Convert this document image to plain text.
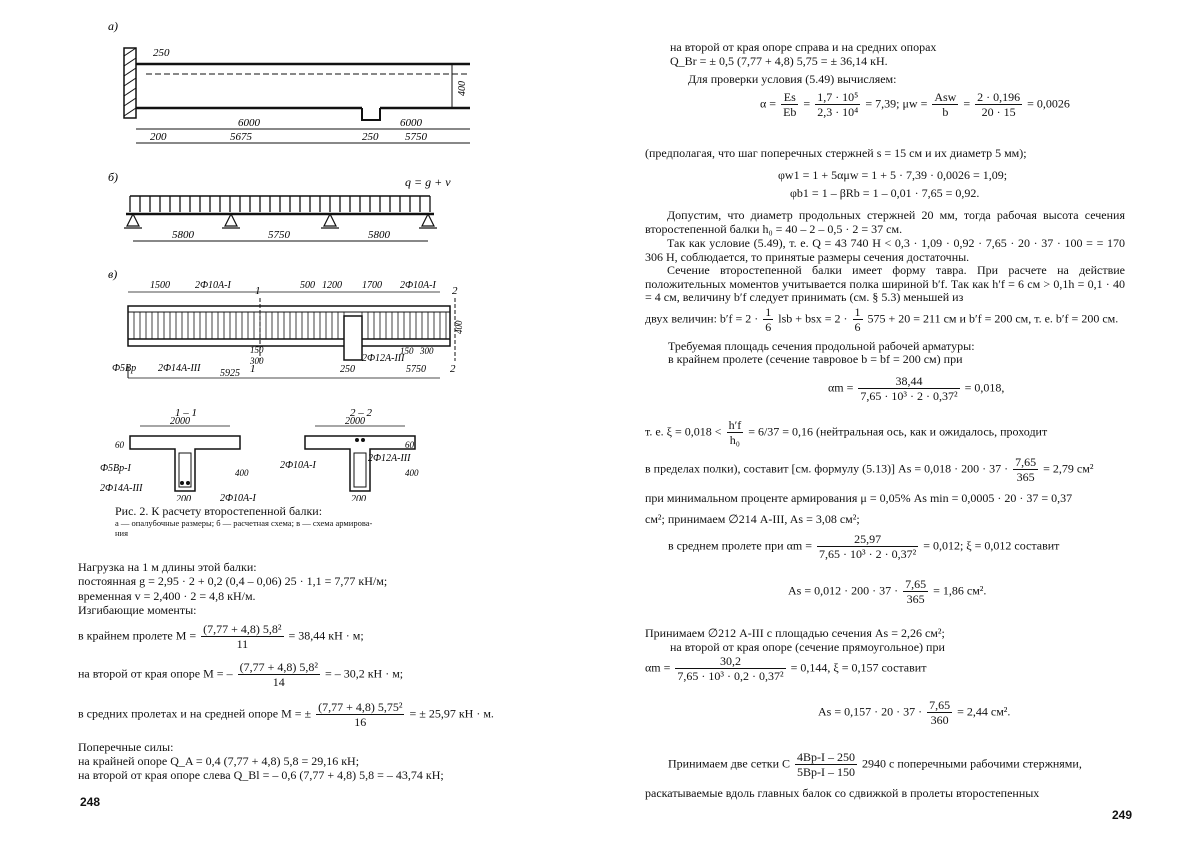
а)
250
400
6000	6000
200	5675	250 5750
б)	q = g + v
5800	5750	5800
в)
1500	2Ф10А-I 1	500 1200 1700 2Ф10А-I 2
400
1	2
Ф5Вр 2Ф14А-III 5925
150
300
250
2Ф12А-III
5750
150 300
1 – 1
2000
60
400
200
Ф5Вр-I
2Ф14А-III
2Ф10А-I
2 – 2
2000
60
400
200
2Ф10А-I
2Ф12А-III
Рис. 2. К расчету второстепенной балки:
а — опалубочные размеры; б — расчетная схема; в — схема армирова-
ния
Нагрузка на 1 м длины этой балки:
постоянная g = 2,95 · 2 + 0,2 (0,4 – 0,06) 25 · 1,1 = 7,77 кН/м;
временная v = 2,400 · 2 = 4,8 кН/м.
Изгибающие моменты:
в крайнем пролете $M = \frac{\text{(7,77 + 4,8) 5,8²}}{11} = 38,44$ кН · м;
на второй от края опоре M = – $\frac{\text{(7,77 + 4,8) 5,8²}}{14}$ = – 30,2 кН · м;
в средних пролетах и на средней опоре M = ± $\frac{\text{(7,77 + 4,8) 5,75²}}{16}$ = ± 25,97 кН · м.
Поперечные силы:
на крайней опоре Q_A = 0,4 (7,77 + 4,8) 5,8 = 29,16 кН;
на второй от края опоре слева Q_Bl = – 0,6 (7,77 + 4,8) 5,8 = – 43,74 кН;
248
на второй от края опоре справа и на средних опорах
Q_Br = ± 0,5 (7,77 + 4,8) 5,75 = ± 36,14 кН.
Для проверки условия (5.49) вычисляем:
$\alpha = \frac{Es}{Eb} = \frac{\text{1,7 · 10⁵}}{\text{2,3 · 10⁴}} = 7,39$; $\mu w = \frac{\text{Asw}}{b} = \frac{2 \cdot 0,196}{20 \cdot 15} = 0,0026$
(предполагая, что шаг поперечных стержней s = 15 см и их диаметр 5 мм);
φw1 = 1 + 5αμw = 1 + 5 · 7,39 · 0,0026 = 1,09;
φb1 = 1 – βRb = 1 – 0,01 · 7,65 = 0,92.
Допустим, что диаметр продольных стержней 20 мм, тогда рабочая высота сечения второстепенной балки h₀ = 40 – 2 – 0,5 · 2 = 37 см.
Так как условие (5.49), т. е. Q = 43 740 Н < 0,3 · 1,09 · 0,92 · 7,65 · 20 · 37 · 100 = = 170 306 Н, соблюдается, то принятые размеры сечения достаточны.
Сечение второстепенной балки имеет форму тавра. При расчете на действие положительных моментов учитывается полка шириной b′f. Так как h′f = 6 см > 0,1h = 0,1 · 40 = 4 см, величину b′f следует принимать (см. § 5.3) меньшей из
двух величин: $b'f = 2 \cdot \frac{1}{6}$ lsb + bsx = $2 \cdot \frac{1}{6} 575 + 20 = 211$ см и b′f = 200 см, т. е. b′f = 200 см.
Требуемая площадь сечения продольной рабочей арматуры:
в крайнем пролете (сечение тавровое b = bf = 200 см) при
$\alpha m = \frac{38,44}{\text{7,65 · 10³ · 2 · 0,37²}} = 0,018$,
т. е. $\xi = 0,018 < \frac{h'f}{\text{h₀}} = 6/37 = 0,16$ (нейтральная ось, как и ожидалось, проходит
в пределах полки), составит [см. формулу (5.13)] $As = 0,018 \cdot 200 \cdot 37 \cdot \frac{7,65}{365} = 2,79$ см²
при минимальном проценте армирования μ = 0,05% As min = 0,0005 · 20 · 37 = 0,37
см²; принимаем ∅214 А-III, As = 3,08 см²;
в среднем пролете при $\alpha m = \frac{25,97}{\text{7,65 · 10³ · 2 · 0,37²}} = 0,012$; ξ = 0,012 составит
$As = 0,012 \cdot 200 \cdot 37 \cdot \frac{7,65}{365} = 1,86$ см².
Принимаем ∅212 А-III с площадью сечения As = 2,26 см²;
на второй от края опоре (сечение прямоугольное) при
$\alpha m = \frac{30,2}{\text{7,65 · 10³ · 0,2 · 0,37²}} = 0,144$, ξ = 0,157 составит
$As = 0,157 \cdot 20 \cdot 37 \cdot \frac{7,65}{360} = 2,44$ см².
Принимаем две сетки С $\frac{4Вр-I - 250}{5Вр-I - 150} 2940$ с поперечными рабочими стержнями,
раскатываемые вдоль главных балок со сдвижкой в пролеты второстепенных
249
